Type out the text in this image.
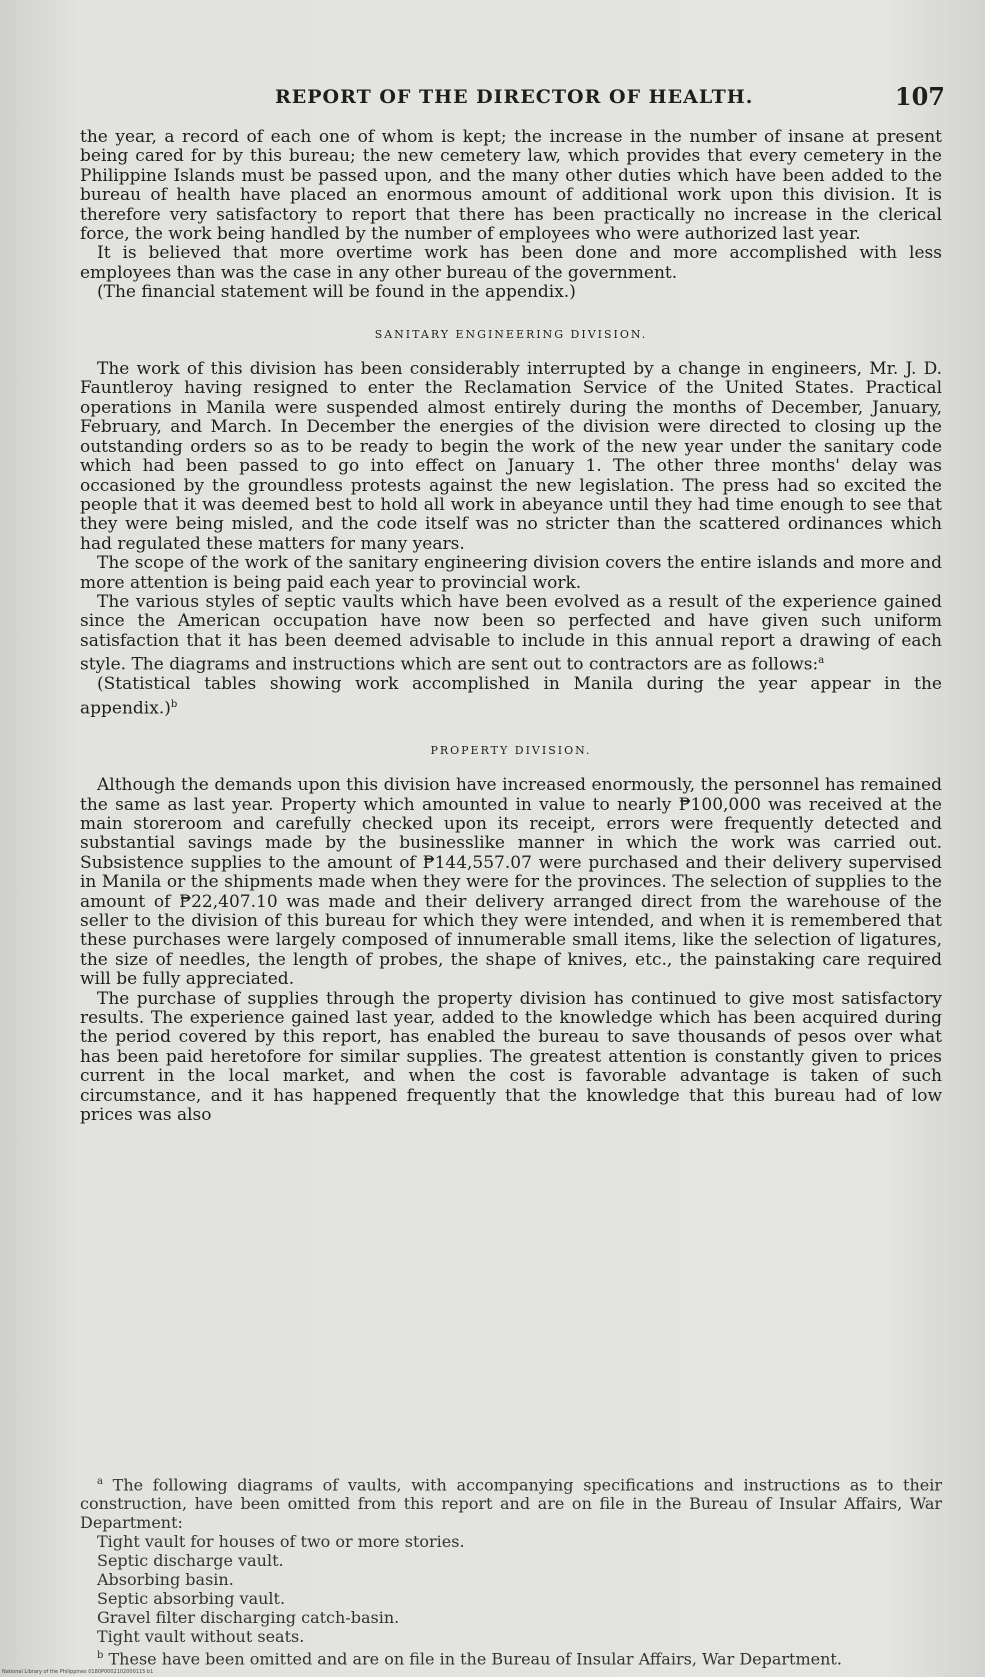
REPORT OF THE DIRECTOR OF HEALTH.	107

the year, a record of each one of whom is kept; the increase in the number of insane at present being cared for by this bureau; the new cemetery law, which provides that every cemetery in the Philippine Islands must be passed upon, and the many other duties which have been added to the bureau of health have placed an enormous amount of additional work upon this division. It is therefore very satisfactory to report that there has been practically no increase in the clerical force, the work being handled by the number of employees who were authorized last year.

It is believed that more overtime work has been done and more accomplished with less employees than was the case in any other bureau of the government.

(The financial statement will be found in the appendix.)

SANITARY ENGINEERING DIVISION.

The work of this division has been considerably interrupted by a change in engineers, Mr. J. D. Fauntleroy having resigned to enter the Reclamation Service of the United States. Practical operations in Manila were suspended almost entirely during the months of December, January, February, and March. In December the energies of the division were directed to closing up the outstanding orders so as to be ready to begin the work of the new year under the sanitary code which had been passed to go into effect on January 1. The other three months' delay was occasioned by the groundless protests against the new legislation. The press had so excited the people that it was deemed best to hold all work in abeyance until they had time enough to see that they were being misled, and the code itself was no stricter than the scattered ordinances which had regulated these matters for many years.

The scope of the work of the sanitary engineering division covers the entire islands and more and more attention is being paid each year to provincial work.

The various styles of septic vaults which have been evolved as a result of the experience gained since the American occupation have now been so perfected and have given such uniform satisfaction that it has been deemed advisable to include in this annual report a drawing of each style. The diagrams and instructions which are sent out to contractors are as follows:$^a$

(Statistical tables showing work accomplished in Manila during the year appear in the appendix.)$^b$

PROPERTY DIVISION.

Although the demands upon this division have increased enormously, the personnel has remained the same as last year. Property which amounted in value to nearly ₱100,000 was received at the main storeroom and carefully checked upon its receipt, errors were frequently detected and substantial savings made by the businesslike manner in which the work was carried out. Subsistence supplies to the amount of ₱144,557.07 were purchased and their delivery supervised in Manila or the shipments made when they were for the provinces. The selection of supplies to the amount of ₱22,407.10 was made and their delivery arranged direct from the warehouse of the seller to the division of this bureau for which they were intended, and when it is remembered that these purchases were largely composed of innumerable small items, like the selection of ligatures, the size of needles, the length of probes, the shape of knives, etc., the painstaking care required will be fully appreciated.

The purchase of supplies through the property division has continued to give most satisfactory results. The experience gained last year, added to the knowledge which has been acquired during the period covered by this report, has enabled the bureau to save thousands of pesos over what has been paid heretofore for similar supplies. The greatest attention is constantly given to prices current in the local market, and when the cost is favorable advantage is taken of such circumstance, and it has happened frequently that the knowledge that this bureau had of low prices was also

$^a$ The following diagrams of vaults, with accompanying specifications and instructions as to their construction, have been omitted from this report and are on file in the Bureau of Insular Affairs, War Department:

Tight vault for houses of two or more stories.

Septic discharge vault.

Absorbing basin.

Septic absorbing vault.

Gravel filter discharging catch-basin.

Tight vault without seats.

$^b$ These have been omitted and are on file in the Bureau of Insular Affairs, War Department.

National Library of the Philippines 0180P0002102000115 b1
